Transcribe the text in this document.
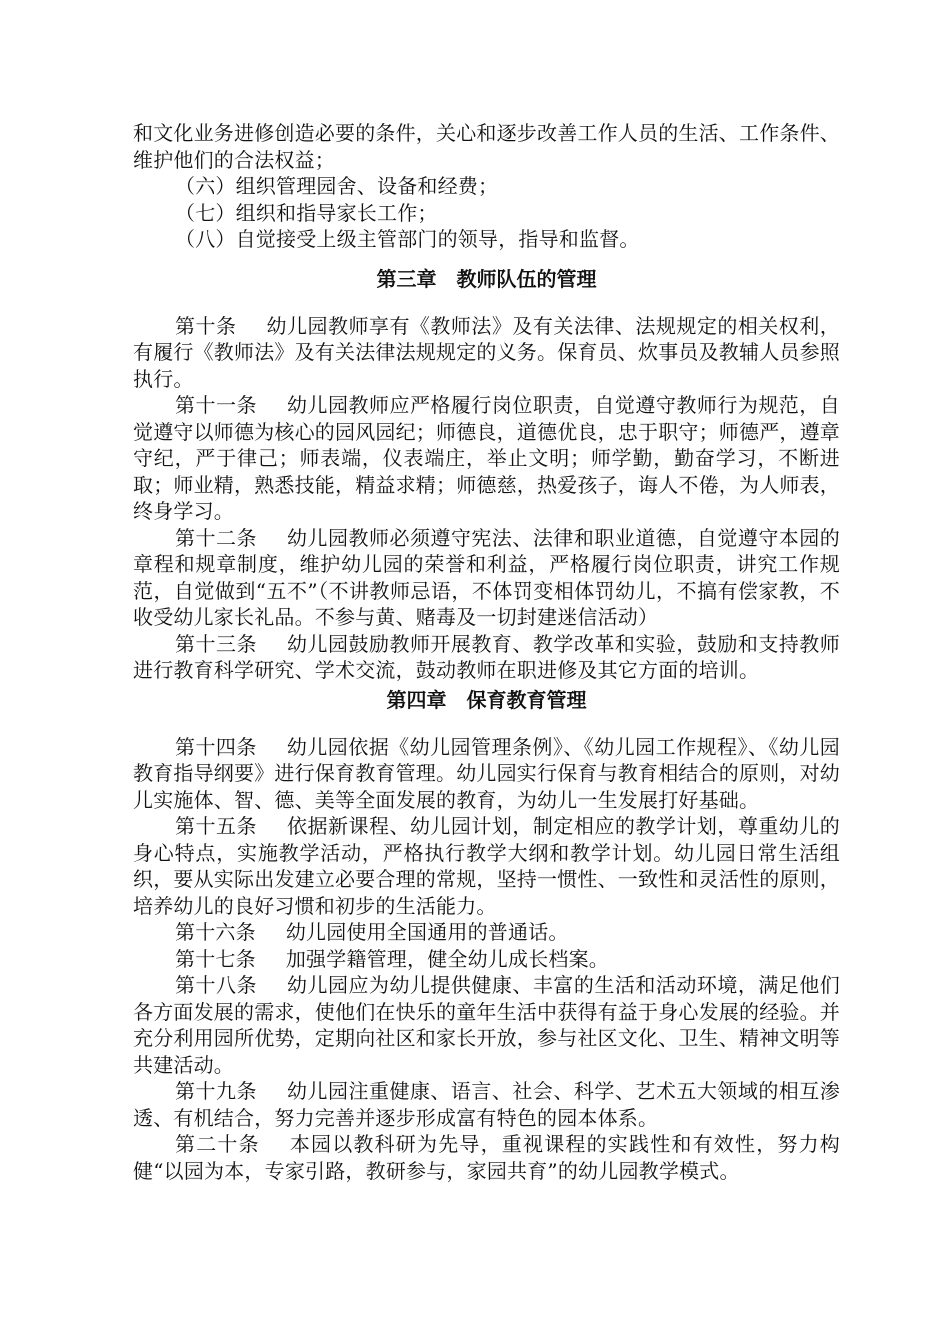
和文化业务进修创造必要的条件，关心和逐步改善工作人员的生活、工作条件、维护他们的合法权益；

（六）组织管理园舍、设备和经费；

（七）组织和指导家长工作；

（八）自觉接受上级主管部门的领导，指导和监督。

第三章　教师队伍的管理

第十条 幼儿园教师享有《教师法》及有关法律、法规规定的相关权利，有履行《教师法》及有关法律法规规定的义务。保育员、炊事员及教辅人员参照执行。

第十一条 幼儿园教师应严格履行岗位职责，自觉遵守教师行为规范，自觉遵守以师德为核心的园风园纪；师德良，道德优良，忠于职守；师德严，遵章守纪，严于律己；师表端，仪表端庄，举止文明；师学勤，勤奋学习，不断进取；师业精，熟悉技能，精益求精；师德慈，热爱孩子，诲人不倦，为人师表，终身学习。

第十二条 幼儿园教师必须遵守宪法、法律和职业道德，自觉遵守本园的章程和规章制度，维护幼儿园的荣誉和利益，严格履行岗位职责，讲究工作规范，自觉做到“五不”（不讲教师忌语，不体罚变相体罚幼儿，不搞有偿家教，不收受幼儿家长礼品。不参与黄、赌毒及一切封建迷信活动）

第十三条 幼儿园鼓励教师开展教育、教学改革和实验，鼓励和支持教师进行教育科学研究、学术交流，鼓动教师在职进修及其它方面的培训。

第四章　保育教育管理

第十四条 幼儿园依据《幼儿园管理条例》、《幼儿园工作规程》、《幼儿园教育指导纲要》进行保育教育管理。幼儿园实行保育与教育相结合的原则，对幼儿实施体、智、德、美等全面发展的教育，为幼儿一生发展打好基础。

第十五条 依据新课程、幼儿园计划，制定相应的教学计划，尊重幼儿的身心特点，实施教学活动，严格执行教学大纲和教学计划。幼儿园日常生活组织，要从实际出发建立必要合理的常规，坚持一惯性、一致性和灵活性的原则，培养幼儿的良好习惯和初步的生活能力。

第十六条 幼儿园使用全国通用的普通话。

第十七条 加强学籍管理，健全幼儿成长档案。

第十八条 幼儿园应为幼儿提供健康、丰富的生活和活动环境，满足他们各方面发展的需求，使他们在快乐的童年生活中获得有益于身心发展的经验。并充分利用园所优势，定期向社区和家长开放，参与社区文化、卫生、精神文明等共建活动。

第十九条 幼儿园注重健康、语言、社会、科学、艺术五大领域的相互渗透、有机结合，努力完善并逐步形成富有特色的园本体系。

第二十条 本园以教科研为先导，重视课程的实践性和有效性，努力构健“以园为本，专家引路，教研参与，家园共育”的幼儿园教学模式。
